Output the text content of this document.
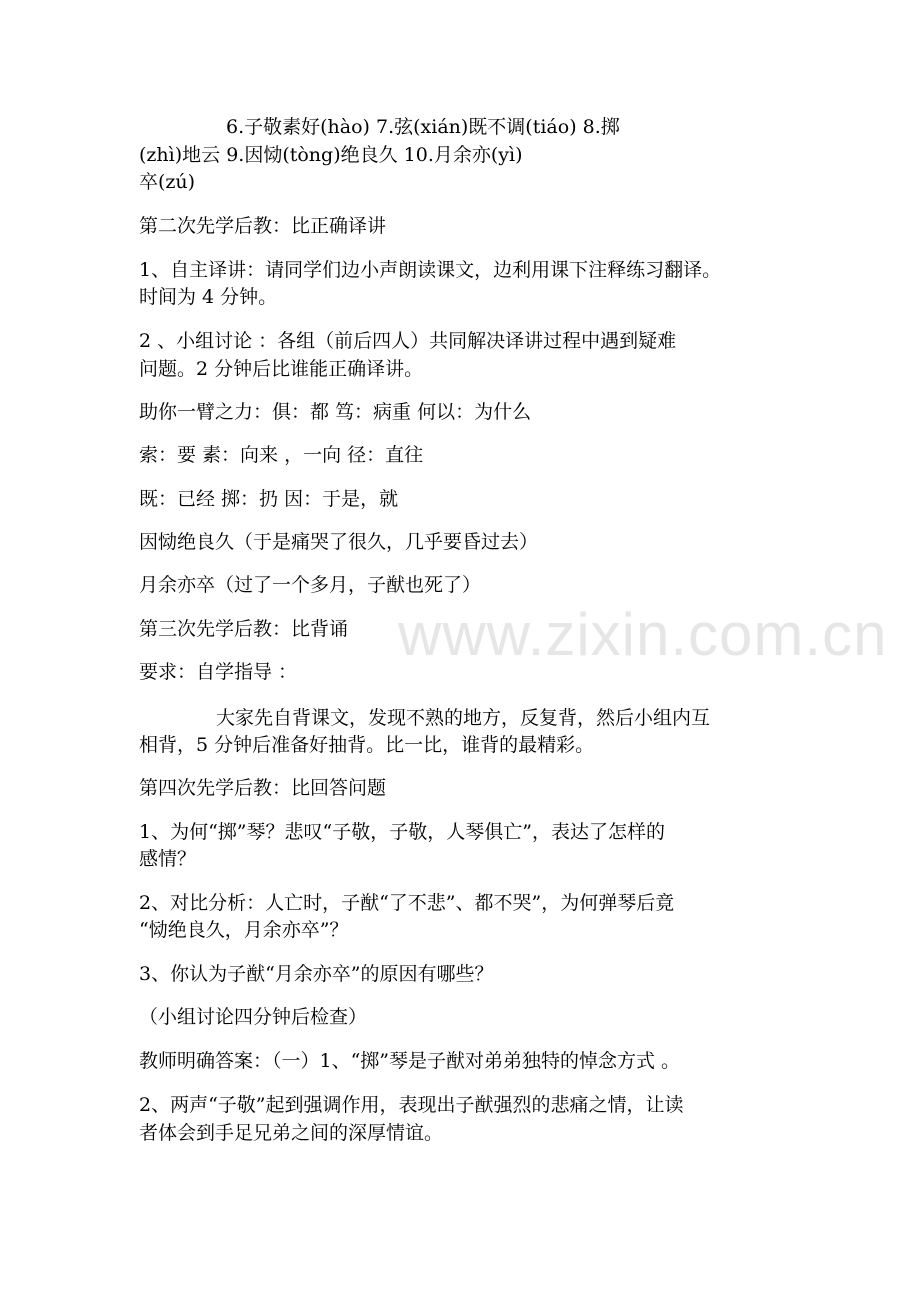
www.zixin.com.cn
6.子敬素好(hào) 7.弦(xián)既不调(tiáo) 8.掷
(zhì)地云 9.因恸(tòng)绝良久 10.月余亦(yì)
卒(zú)
第二次先学后教：比正确译讲
1、自主译讲：请同学们边小声朗读课文，边利用课下注释练习翻译。
时间为 4 分钟。
2 、小组讨论 ：各组（前后四人）共同解决译讲过程中遇到疑难
问题。2 分钟后比谁能正确译讲。
助你一臂之力：俱：都 笃：病重 何以：为什么
索：要 素：向来 ，一向 径：直往
既：已经 掷：扔 因：于是，就
因恸绝良久（于是痛哭了很久，几乎要昏过去）
月余亦卒（过了一个多月，子猷也死了）
第三次先学后教：比背诵
要求：自学指导 ：
大家先自背课文，发现不熟的地方，反复背，然后小组内互
相背，5 分钟后准备好抽背。比一比，谁背的最精彩。
第四次先学后教：比回答问题
1、为何“掷”琴？悲叹“子敬，子敬，人琴俱亡”，表达了怎样的
感情？
2、对比分析：人亡时，子猷“了不悲”、都不哭”，为何弹琴后竟
“恸绝良久，月余亦卒”？
3、你认为子猷“月余亦卒”的原因有哪些？
（小组讨论四分钟后检查）
教师明确答案：（一）1、“掷”琴是子猷对弟弟独特的悼念方式 。
2、两声“子敬”起到强调作用，表现出子猷强烈的悲痛之情，让读
者体会到手足兄弟之间的深厚情谊。
